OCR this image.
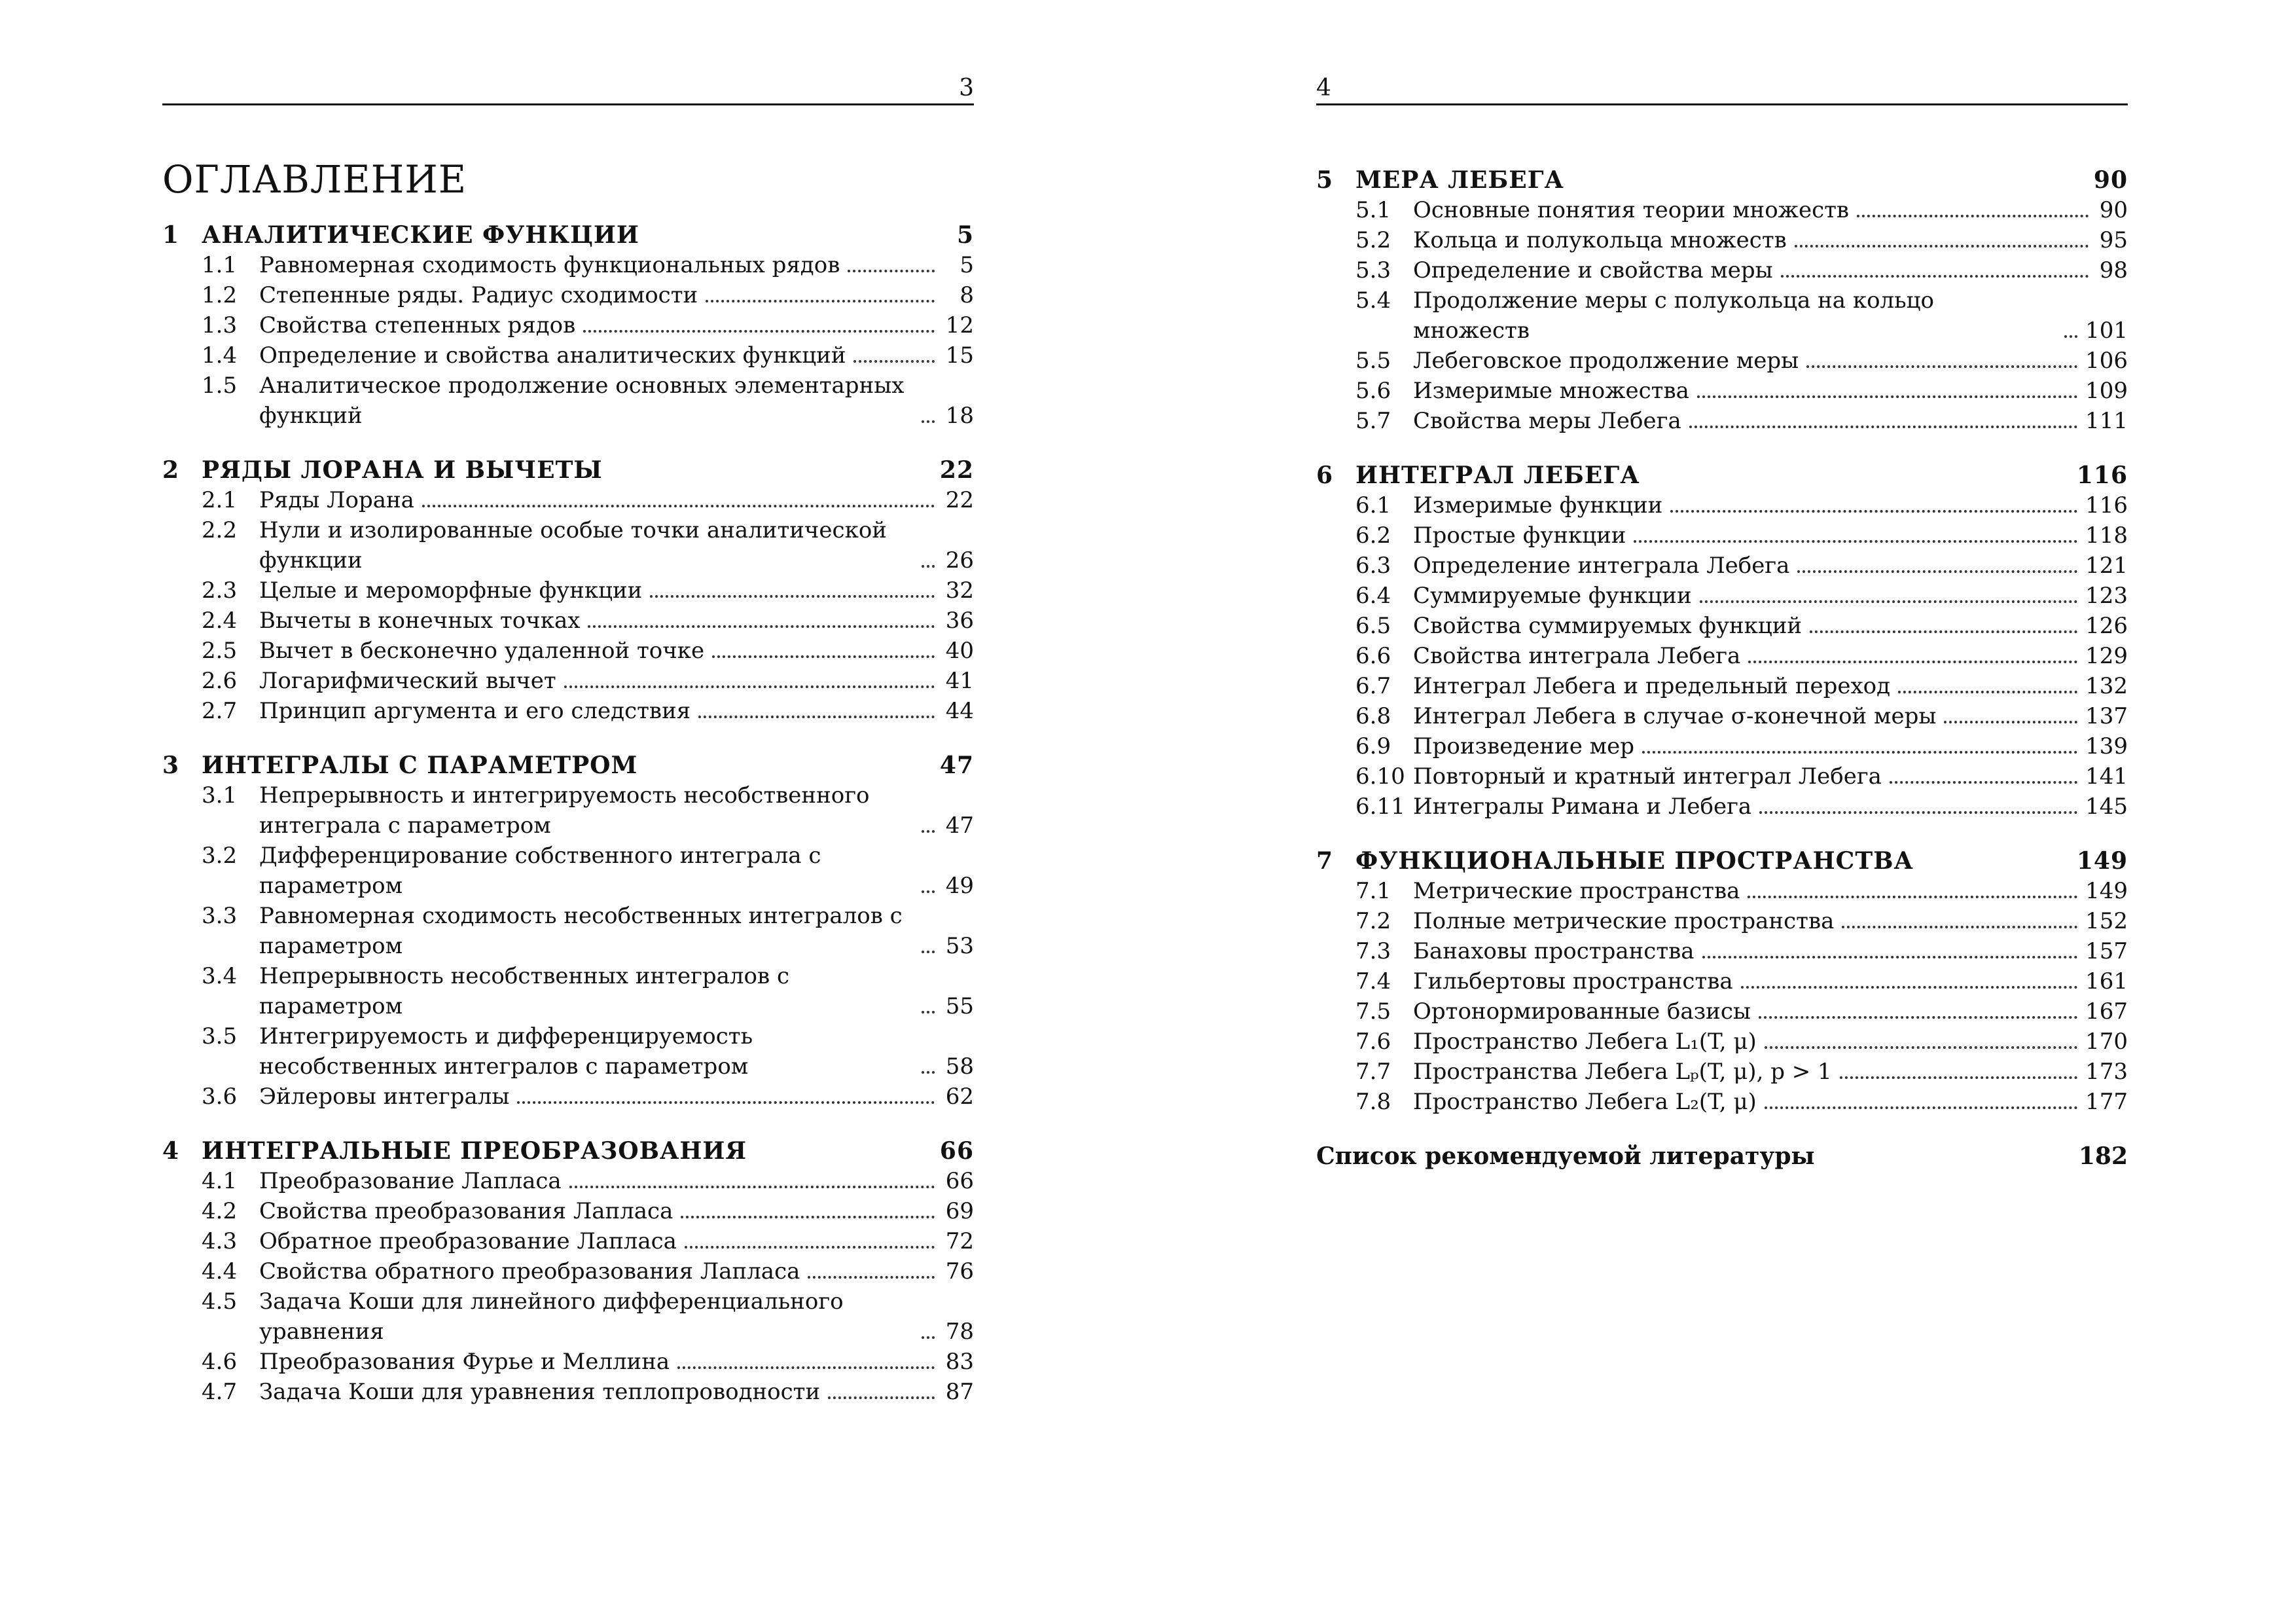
3
ОГЛАВЛЕНИЕ
1 АНАЛИТИЧЕСКИЕ ФУНКЦИИ	5
1.1 Равномерная сходимость функциональных рядов	5
1.2 Степенные ряды. Радиус сходимости	8
1.3 Свойства степенных рядов	12
1.4 Определение и свойства аналитических функций	15
1.5 Аналитическое продолжение основных элементарных функций	18
2 РЯДЫ ЛОРАНА И ВЫЧЕТЫ	22
2.1 Ряды Лорана	22
2.2 Нули и изолированные особые точки аналитической функции	26
2.3 Целые и мероморфные функции	32
2.4 Вычеты в конечных точках	36
2.5 Вычет в бесконечно удаленной точке	40
2.6 Логарифмический вычет	41
2.7 Принцип аргумента и его следствия	44
3 ИНТЕГРАЛЫ С ПАРАМЕТРОМ	47
3.1 Непрерывность и интегрируемость несобственного интеграла с параметром	47
3.2 Дифференцирование собственного интеграла с параметром	49
3.3 Равномерная сходимость несобственных интегралов с параметром	53
3.4 Непрерывность несобственных интегралов с параметром	55
3.5 Интегрируемость и дифференцируемость несобственных интегралов с параметром	58
3.6 Эйлеровы интегралы	62
4 ИНТЕГРАЛЬНЫЕ ПРЕОБРАЗОВАНИЯ	66
4.1 Преобразование Лапласа	66
4.2 Свойства преобразования Лапласа	69
4.3 Обратное преобразование Лапласа	72
4.4 Свойства обратного преобразования Лапласа	76
4.5 Задача Коши для линейного дифференциального уравнения	78
4.6 Преобразования Фурье и Меллина	83
4.7 Задача Коши для уравнения теплопроводности	87
4
5 МЕРА ЛЕБЕГА	90
5.1 Основные понятия теории множеств	90
5.2 Кольца и полукольца множеств	95
5.3 Определение и свойства меры	98
5.4 Продолжение меры с полукольца на кольцо множеств	101
5.5 Лебеговское продолжение меры	106
5.6 Измеримые множества	109
5.7 Свойства меры Лебега	111
6 ИНТЕГРАЛ ЛЕБЕГА	116
6.1 Измеримые функции	116
6.2 Простые функции	118
6.3 Определение интеграла Лебега	121
6.4 Суммируемые функции	123
6.5 Свойства суммируемых функций	126
6.6 Свойства интеграла Лебега	129
6.7 Интеграл Лебега и предельный переход	132
6.8 Интеграл Лебега в случае σ-конечной меры	137
6.9 Произведение мер	139
6.10 Повторный и кратный интеграл Лебега	141
6.11 Интегралы Римана и Лебега	145
7 ФУНКЦИОНАЛЬНЫЕ ПРОСТРАНСТВА	149
7.1 Метрические пространства	149
7.2 Полные метрические пространства	152
7.3 Банаховы пространства	157
7.4 Гильбертовы пространства	161
7.5 Ортонормированные базисы	167
7.6 Пространство Лебега L₁(T, μ)	170
7.7 Пространства Лебега Lₚ(T, μ), p > 1	173
7.8 Пространство Лебега L₂(T, μ)	177
Список рекомендуемой литературы	182
